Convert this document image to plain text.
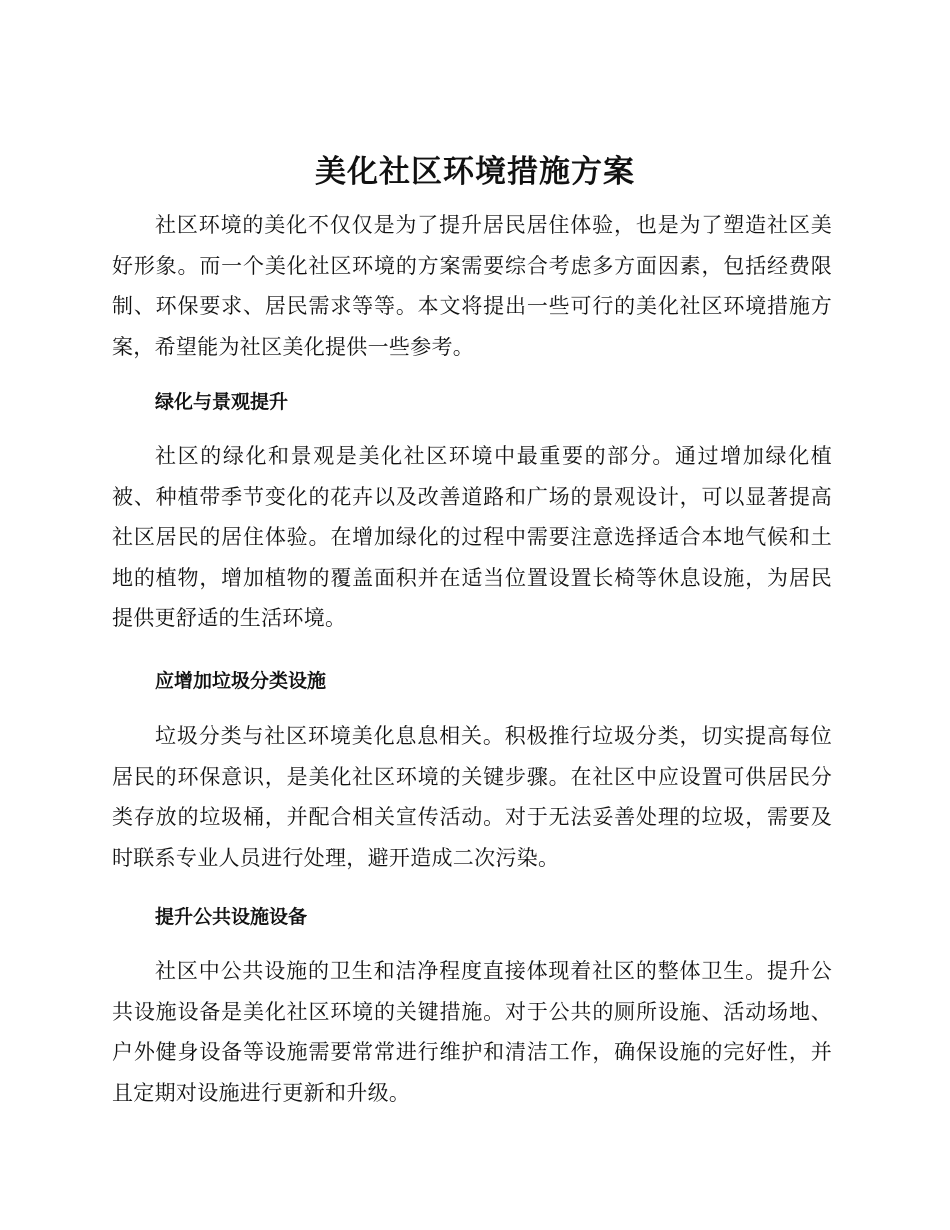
美化社区环境措施方案

社区环境的美化不仅仅是为了提升居民居住体验，也是为了塑造社区美好形象。而一个美化社区环境的方案需要综合考虑多方面因素，包括经费限制、环保要求、居民需求等等。本文将提出一些可行的美化社区环境措施方案，希望能为社区美化提供一些参考。

绿化与景观提升

社区的绿化和景观是美化社区环境中最重要的部分。通过增加绿化植被、种植带季节变化的花卉以及改善道路和广场的景观设计，可以显著提高社区居民的居住体验。在增加绿化的过程中需要注意选择适合本地气候和土地的植物，增加植物的覆盖面积并在适当位置设置长椅等休息设施，为居民提供更舒适的生活环境。

应增加垃圾分类设施

垃圾分类与社区环境美化息息相关。积极推行垃圾分类，切实提高每位居民的环保意识，是美化社区环境的关键步骤。在社区中应设置可供居民分类存放的垃圾桶，并配合相关宣传活动。对于无法妥善处理的垃圾，需要及时联系专业人员进行处理，避开造成二次污染。

提升公共设施设备

社区中公共设施的卫生和洁净程度直接体现着社区的整体卫生。提升公共设施设备是美化社区环境的关键措施。对于公共的厕所设施、活动场地、户外健身设备等设施需要常常进行维护和清洁工作，确保设施的完好性，并且定期对设施进行更新和升级。
